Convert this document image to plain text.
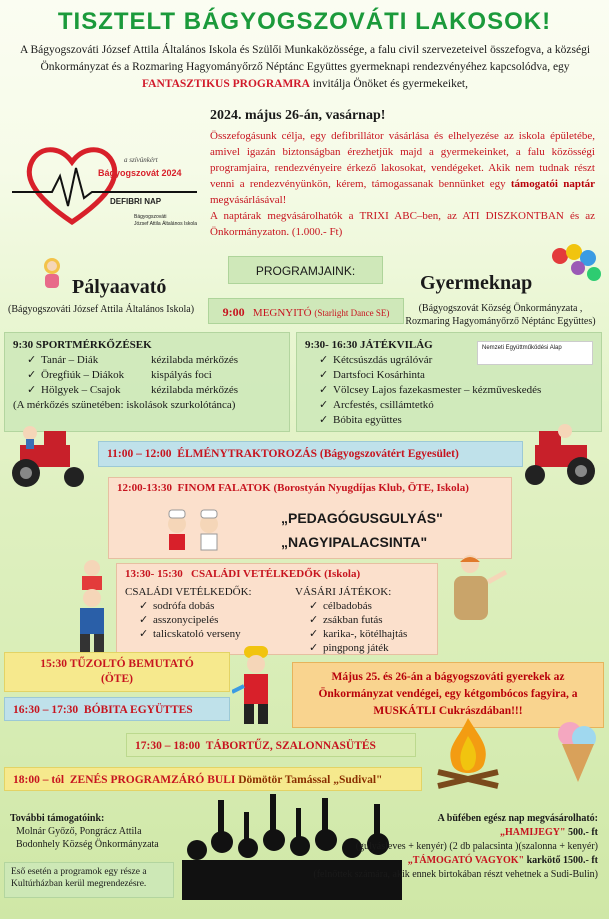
TISZTELT BÁGYOGSZOVÁTI LAKOSOK!
A Bágyogszováti József Attila Általános Iskola és Szülői Munkaközössége, a falu civil szervezeteivel összefogva, a községi
Önkormányzat és a Rozmaring Hagyományőrző Néptánc Együttes gyermeknapi rendezvényéhez kapcsolódva, egy
FANTASZTIKUS PROGRAMRA invitálja Önöket és gyermekeiket,
2024. május 26-án, vasárnap!
Összefogásunk célja, egy defibrillátor vásárlása és elhelyezése az iskola épületébe, amivel igazán biztonságban érezhetjük majd a gyermekeinket, a falu közösségi programjaira, rendezvényeire érkező lakosokat, vendégeket. Akik nem tudnak részt venni a rendezvényünkön, kérem, támogassanak bennünket egy támogatói naptár megvásárlásával!
A naptárak megvásárolhatók a TRIXI ABC–ben, az ATI DISZKONTBAN és az Önkormányzaton. (1.000.- Ft)
a szívünkért
Bágyogszovát 2024
DEFIBRI NAP
Bágyogszováti
József Attila Általános Iskola
PROGRAMJAINK:
9:00 MEGNYITÓ (Starlight Dance SE)
Pályaavató
(Bágyogszováti József Attila Általános Iskola)
Gyermeknap
(Bágyogszovát Község Önkormányzata ,
Rozmaring Hagyományőrző Néptánc Együttes)
9:30 SPORTMÉRKŐZÉSEK
✓ Tanár – Diák	kézilabda mérkőzés
✓ Öregfiúk – Diákok	kispályás foci
✓ Hölgyek – Csajok	kézilabda mérkőzés
(A mérkőzés szünetében: iskolások szurkolótánca)
9:30- 16:30 JÁTÉKVILÁG
✓ Kétcsúszdás ugrálóvár
✓ Dartsfoci Kosárhinta
✓ Völcsey Lajos fazekasmester – kézműveskedés
✓ Arcfestés, csillámtetkó
✓ Bóbita együttes
Nemzeti Együttműködési Alap
11:00 – 12:00 ÉLMÉNYTRAKTOROZÁS (Bágyogszovátért Egyesület)
12:00-13:30 FINOM FALATOK (Borostyán Nyugdíjas Klub, ÖTE, Iskola)
„PEDAGÓGUSGULYÁS"
„NAGYIPALACSINTA"
13:30- 15:30 CSALÁDI VETÉLKEDŐK (Iskola)
CSALÁDI VETÉLKEDŐK:
✓ sodrófa dobás
✓ asszonycipelés
✓ talicskatoló verseny
VÁSÁRI JÁTÉKOK:
✓ célbadobás
✓ zsákban futás
✓ karika-, kötélhajtás
✓ pingpong játék
15:30 TŰZOLTÓ BEMUTATÓ
(ÖTE)	Május 25. és 26-án a bágyogszováti gyerekek az Önkormányzat vendégei, egy kétgombócos fagyira, a MUSKÁTLI Cukrászdában!!!
16:30 – 17:30 BÓBITA EGYÜTTES
17:30 – 18:00 TÁBORTŰZ, SZALONNASÜTÉS
18:00 – tól ZENÉS PROGRAMZÁRÓ BULI Dömötör Tamással „Sudival"
További támogatóink:
Molnár Győző, Pongrácz Attila
Bodonhely Község Önkormányzata
Eső esetén a programok egy része a Kultúrházban kerül megrendezésre.
A büfében egész nap megvásárolható:
„HAMIJEGY" 500.- ft
(gulyásleves + kenyér) (2 db palacsinta )(szalonna + kenyér)
„TÁMOGATÓ VAGYOK" karkötő 1500.- ft
(felnőttek számára, akik ennek birtokában részt vehetnek a Sudi-Bulin)
